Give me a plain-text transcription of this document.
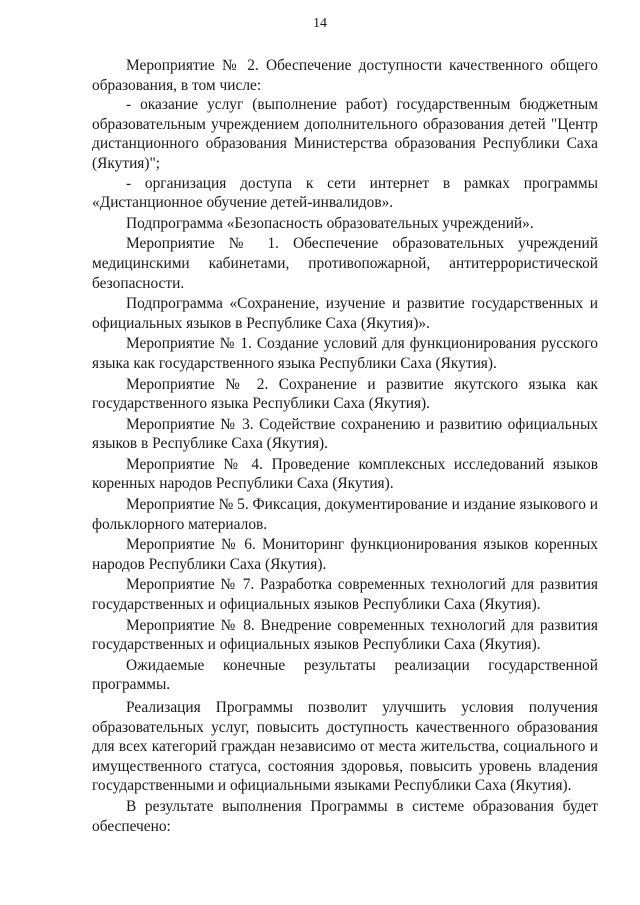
14

Мероприятие № 2. Обеспечение доступности качественного общего образования, в том числе:

- оказание услуг (выполнение работ) государственным бюджетным образовательным учреждением дополнительного образования детей "Центр дистанционного образования Министерства образования Республики Саха (Якутия)";

- организация доступа к сети интернет в рамках программы «Дистанционное обучение детей-инвалидов».

Подпрограмма «Безопасность образовательных учреждений».

Мероприятие № 1. Обеспечение образовательных учреждений медицинскими кабинетами, противопожарной, антитеррористической безопасности.

Подпрограмма «Сохранение, изучение и развитие государственных и официальных языков в Республике Саха (Якутия)».

Мероприятие № 1. Создание условий для функционирования русского языка как государственного языка Республики Саха (Якутия).

Мероприятие № 2. Сохранение и развитие якутского языка как государственного языка Республики Саха (Якутия).

Мероприятие № 3. Содействие сохранению и развитию официальных языков в Республике Саха (Якутия).

Мероприятие № 4. Проведение комплексных исследований языков коренных народов Республики Саха (Якутия).

Мероприятие № 5. Фиксация, документирование и издание языкового и фольклорного материалов.

Мероприятие № 6. Мониторинг функционирования языков коренных народов Республики Саха (Якутия).

Мероприятие № 7. Разработка современных технологий для развития государственных и официальных языков Республики Саха (Якутия).

Мероприятие № 8. Внедрение современных технологий для развития государственных и официальных языков Республики Саха (Якутия).

Ожидаемые конечные результаты реализации государственной программы.

Реализация Программы позволит улучшить условия получения образовательных услуг, повысить доступность качественного образования для всех категорий граждан независимо от места жительства, социального и имущественного статуса, состояния здоровья, повысить уровень владения государственными и официальными языками Республики Саха (Якутия).

В результате выполнения Программы в системе образования будет обеспечено:
